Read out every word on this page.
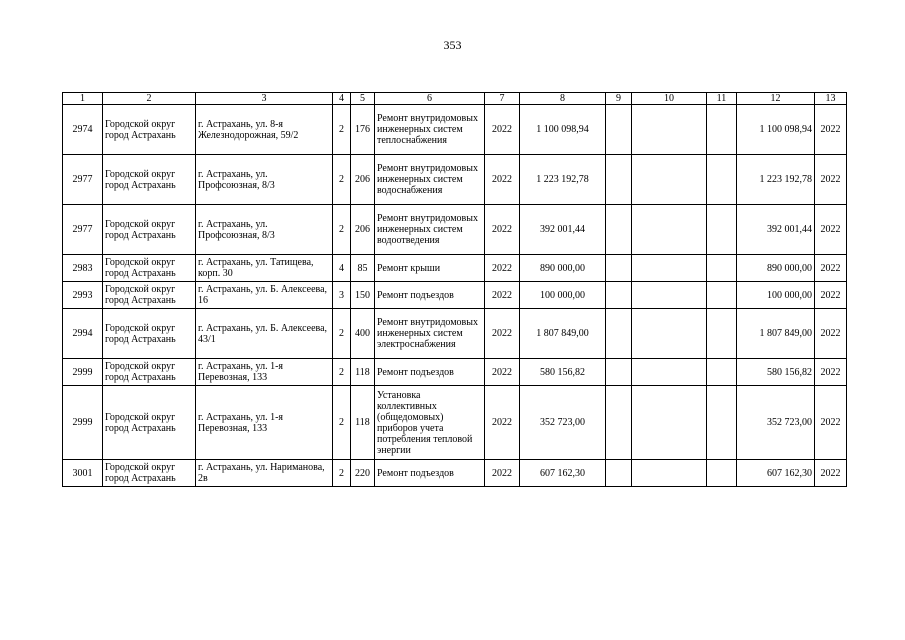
353
1	2	3	4	5	6	7	8	9	10	11	12	13
2974	Городской округ город Астрахань	г. Астрахань, ул. 8-я Железнодорожная, 59/2	2	176	Ремонт внутридомовых инженерных систем теплоснабжения	2022	1 100 098,94				1 100 098,94	2022
2977	Городской округ город Астрахань	г. Астрахань, ул. Профсоюзная, 8/3	2	206	Ремонт внутридомовых инженерных систем водоснабжения	2022	1 223 192,78				1 223 192,78	2022
2977	Городской округ город Астрахань	г. Астрахань, ул. Профсоюзная, 8/3	2	206	Ремонт внутридомовых инженерных систем водоотведения	2022	392 001,44				392 001,44	2022
2983	Городской округ город Астрахань	г. Астрахань, ул. Татищева, корп. 30	4	85	Ремонт крыши	2022	890 000,00				890 000,00	2022
2993	Городской округ город Астрахань	г. Астрахань, ул. Б. Алексеева, 16	3	150	Ремонт подъездов	2022	100 000,00				100 000,00	2022
2994	Городской округ город Астрахань	г. Астрахань, ул. Б. Алексеева, 43/1	2	400	Ремонт внутридомовых инженерных систем электроснабжения	2022	1 807 849,00				1 807 849,00	2022
2999	Городской округ город Астрахань	г. Астрахань, ул. 1-я Перевозная, 133	2	118	Ремонт подъездов	2022	580 156,82				580 156,82	2022
2999	Городской округ город Астрахань	г. Астрахань, ул. 1-я Перевозная, 133	2	118	Установка коллективных (общедомовых) приборов учета потребления тепловой энергии	2022	352 723,00				352 723,00	2022
3001	Городской округ город Астрахань	г. Астрахань, ул. Нариманова, 2в	2	220	Ремонт подъездов	2022	607 162,30				607 162,30	2022
